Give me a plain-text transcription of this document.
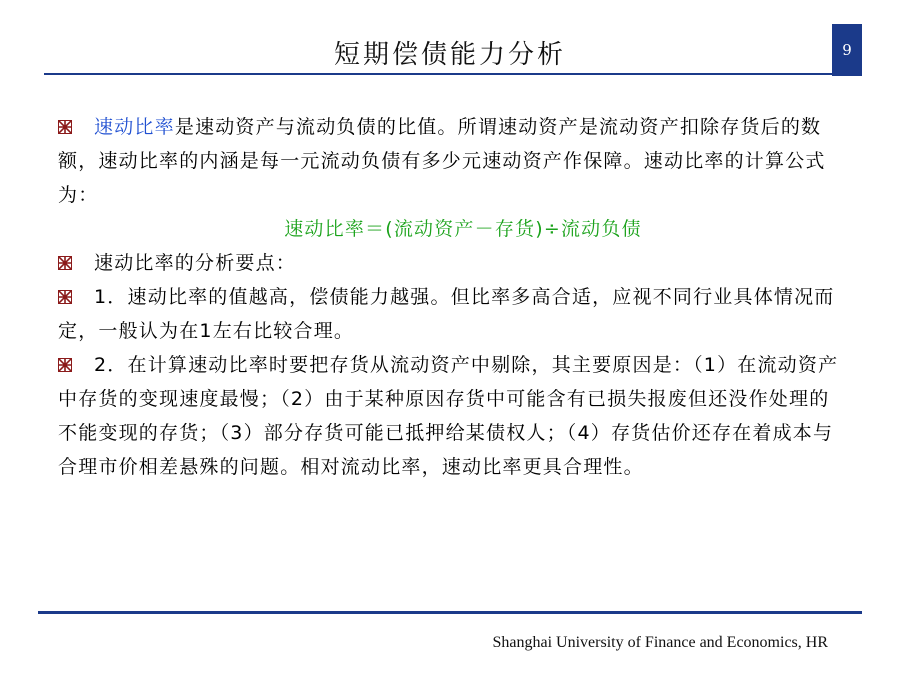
短期偿债能力分析	9

速动比率是速动资产与流动负债的比值。所谓速动资产是流动资产扣除存货后的数额，速动比率的内涵是每一元流动负债有多少元速动资产作保障。速动比率的计算公式为：

速动比率＝(流动资产－存货)÷流动负债

速动比率的分析要点：

1．速动比率的值越高，偿债能力越强。但比率多高合适，应视不同行业具体情况而定，一般认为在1左右比较合理。

2．在计算速动比率时要把存货从流动资产中剔除，其主要原因是：（1）在流动资产中存货的变现速度最慢；（2）由于某种原因存货中可能含有已损失报废但还没作处理的不能变现的存货；（3）部分存货可能已抵押给某债权人；（4）存货估价还存在着成本与合理市价相差悬殊的问题。相对流动比率，速动比率更具合理性。

Shanghai University of Finance and Economics, HR
